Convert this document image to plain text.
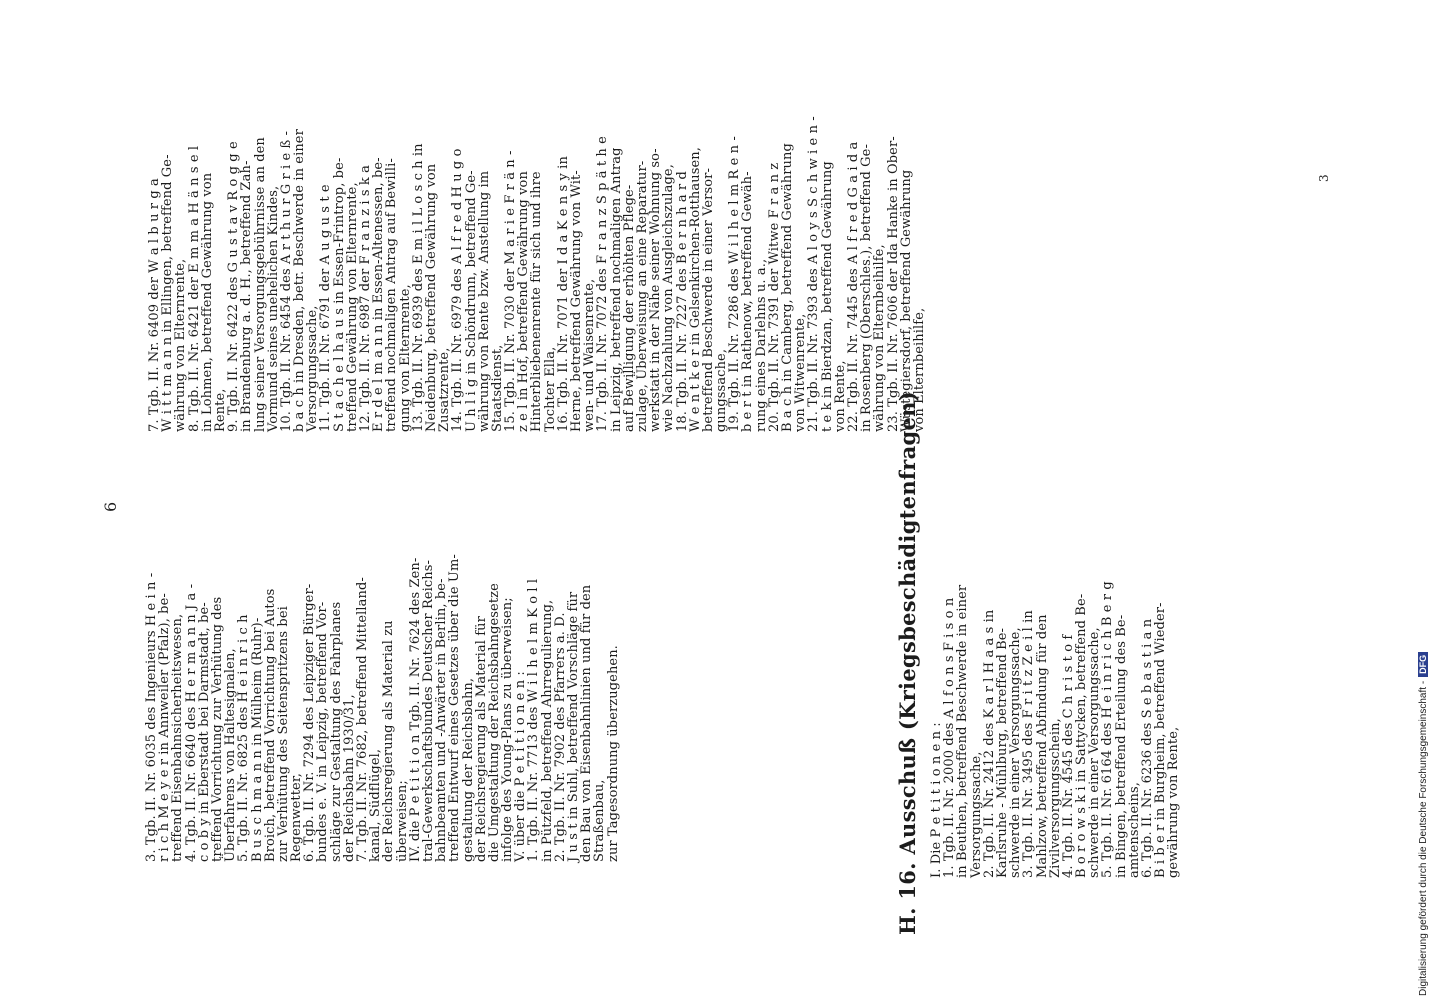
6
3. Tgb. II. Nr. 6035 des Ingenieurs H e i n -
r i c h M e y e r in Annweiler (Pfalz), be-
treffend Eisenbahnsicherheitswesen,
4. Tgb. II. Nr. 6640 des H e r m a n n J a -
c o b y in Eberstadt bei Darmstadt, be-
treffend Vorrichtung zur Verhütung des
Überfahrens von Haltesignalen,
5. Tgb. II. Nr. 6825 des H e i n r i c h
B u s c h m a n n in Mülheim (Ruhr)-
Broich, betreffend Vorrichtung bei Autos
zur Verhütung des Seitenspritzens bei
Regenwetter,
6. Tgb. II. Nr. 7294 des Leipziger Bürger-
bundes e. V. in Leipzig, betreffend Vor-
schläge zur Gestaltung des Fahrplanes
der Reichsbahn 1930/31,
7. Tgb. II. Nr. 7682, betreffend Mittelland-
kanal, Südflügel,
der Reichsregierung als Material zu
überweisen;
IV. die P e t i t i o n Tgb. II. Nr. 7624 des Zen-
tral-Gewerkschaftsbundes Deutscher Reichs-
bahnbeamten und -Anwärter in Berlin, be-
treffend Entwurf eines Gesetzes über die Um-
gestaltung der Reichsbahn,
der Reichsregierung als Material für
die Umgestaltung der Reichsbahngesetze
infolge des Young-Plans zu überweisen;
V. über die P e t i t i o n e n :
1. Tgb. II. Nr. 7713 des W i l h e l m K o l l
in Pützfeld, betreffend Ahrregulierung,
2. Tgb. II. Nr. 7902 des Pfarrers a. D.
J u s t in Suhl, betreffend Vorschläge für
den Bau von Eisenbahnlinien und für den
Straßenbau,
zur Tagesordnung überzugehen.	H. 16. Ausschuß (Kriegsbeschädigtenfragen) I. Die P e t i t i o n e n :
1. Tgb. II. Nr. 2000 des A l f o n s F i s o n
in Beuthen, betreffend Beschwerde in einer
Versorgungssache,
2. Tgb. II. Nr. 2412 des K a r l H a a s in
Karlsruhe - Mühlburg, betreffend Be-
schwerde in einer Versorgungssache,
3. Tgb. II. Nr. 3495 des F r i t z Z e i l in
Mahlzow, betreffend Abfindung für den
Zivilversorgungsschein,
4. Tgb. II. Nr. 4545 des C h r i s t o f
B o r o w s k i in Sattycken, betreffend Be-
schwerde in einer Versorgungssache,
5. Tgb. II. Nr. 6164 des H e i n r i c h B e r g
in Bingen, betreffend Erteilung des Be-
amtenscheins,
6. Tgb. II. Nr. 6236 des S e b a s t i a n
B i b e r in Burgheim, betreffend Wieder-
gewährung von Rente,
7. Tgb. II. Nr. 6409 der W a l b u r g a
W i t t m a n n in Ellingen, betreffend Ge-
währung von Elternrente,
8. Tgb. II. Nr. 6421 der E m m a H ä n s e l
in Lohmen, betreffend Gewährung von
Rente,
9. Tgb. II. Nr. 6422 des G u s t a v R o g g e
in Brandenburg a. d. H., betreffend Zah-
lung seiner Versorgungsgebührnisse an den
Vormund seines unehelichen Kindes,
10. Tgb. II. Nr. 6454 des A r t h u r G r i e ß -
b a c h in Dresden, betr. Beschwerde in einer
Versorgungssache,
11. Tgb. II. Nr. 6791 der A u g u s t e
S t a c h e l h a u s in Essen-Frintrop, be-
treffend Gewährung von Elternrente,
12. Tgb. II. Nr. 6987 der F r a n z i s k a
E r d e l m a n n in Essen-Altenessen, be-
treffend nochmaligen Antrag auf Bewilli-
gung von Elternrente,
13. Tgb. II. Nr. 6939 des E m i l L o s c h in
Neidenburg, betreffend Gewährung von
Zusatzrente,
14. Tgb. II. Nr. 6979 des A l f r e d H u g o
U h l i g in Schöndrunn, betreffend Ge-
währung von Rente bzw. Anstellung im
Staatsdienst,
15. Tgb. II. Nr. 7030 der M a r i e F r ä n -
z e l in Hof, betreffend Gewährung von
Hinterbliebenenrente für sich und ihre
Tochter Ella,
16. Tgb. II. Nr. 7071 der I d a K e n s y in
Herne, betreffend Gewährung von Wit-
wen- und Waisenrente,
17. Tgb. II. Nr. 7072 des F r a n z S p ä t h e
in Leipzig, betreffend nochmaligen Antrag
auf Bewilligung der erhöhten Pflege-
zulage, Überweisung an eine Reparatur-
werkstatt in der Nähe seiner Wohnung so-
wie Nachzahlung von Ausgleichszulage,
18. Tgb. II. Nr. 7227 des B e r n h a r d
W e n t k e r in Gelsenkirchen-Rotthausen,
betreffend Beschwerde in einer Versor-
gungssache,
19. Tgb. II. Nr. 7286 des W i l h e l m R e n -
b e r t in Rathenow, betreffend Gewäh-
rung eines Darlehns u. a.,
20. Tgb. II. Nr. 7391 der Witwe F r a n z
B a c h in Camberg, betreffend Gewährung
von Witwenrente,
21. Tgb. II. Nr. 7393 des A l o y s S c h w i e n -
t e k in Bierdzan, betreffend Gewährung
von Rente,
22. Tgb. II. Nr. 7445 des A l f r e d G a i d a
in Rosenberg (Oberschles.), betreffend Ge-
währung von Elternbeihilfe,
23. Tgb. II. Nr. 7606 der Ida Hanke in Ober-
Wüstegiersdorf, betreffend Gewährung
von Elternbeihilfe,
3
Digitalisierung gefördert durch die Deutsche Forschungsgemeinschaft -DFG
